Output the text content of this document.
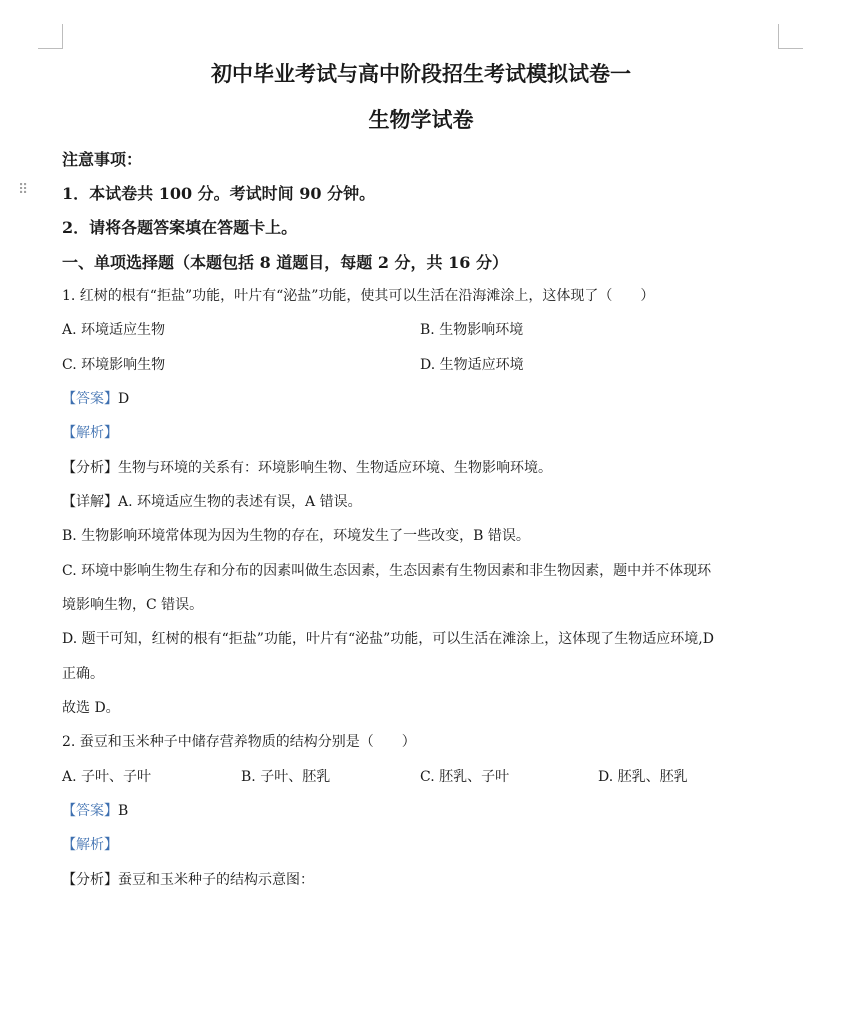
⠿
初中毕业考试与高中阶段招生考试模拟试卷一
生物学试卷
注意事项：
1．本试卷共 100 分。考试时间 90 分钟。
2．请将各题答案填在答题卡上。
一、单项选择题（本题包括 8 道题目，每题 2 分，共 16 分）
1. 红树的根有“拒盐”功能，叶片有“泌盐”功能，使其可以生活在沿海滩涂上，这体现了（　　）
A. 环境适应生物	B. 生物影响环境
C. 环境影响生物	D. 生物适应环境
【答案】D
【解析】
【分析】生物与环境的关系有：环境影响生物、生物适应环境、生物影响环境。
【详解】A. 环境适应生物的表述有误，A 错误。
B. 生物影响环境常体现为因为生物的存在，环境发生了一些改变，B 错误。
C. 环境中影响生物生存和分布的因素叫做生态因素，生态因素有生物因素和非生物因素，题中并不体现环
境影响生物，C 错误。
D. 题干可知，红树的根有“拒盐”功能，叶片有“泌盐”功能，可以生活在滩涂上，这体现了生物适应环境,D
正确。
故选 D。
2. 蚕豆和玉米种子中储存营养物质的结构分别是（　　）
A. 子叶、子叶	B. 子叶、胚乳	C. 胚乳、子叶	D. 胚乳、胚乳
【答案】B
【解析】
【分析】蚕豆和玉米种子的结构示意图：
